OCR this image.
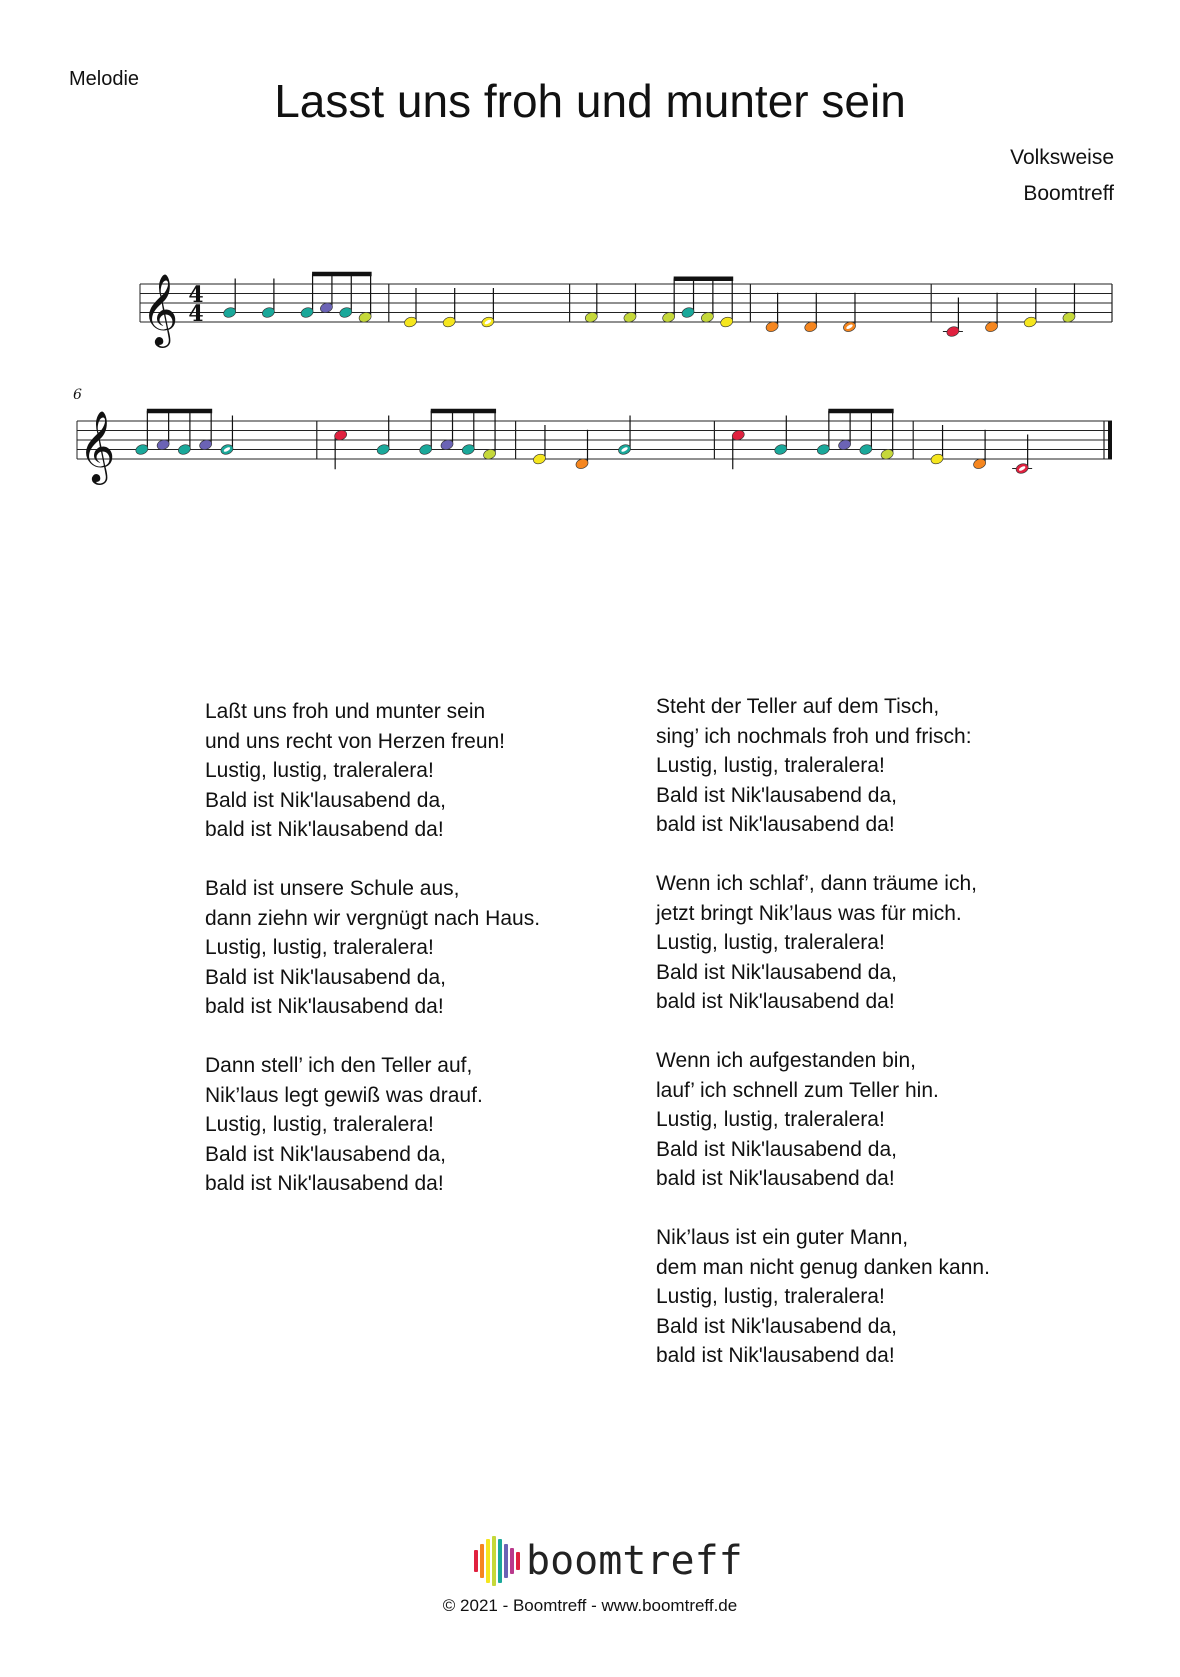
Melodie	Lasst uns froh und munter sein
Volksweise
Boomtreff
𝄞 4
4
𝄞
6
Laßt uns froh und munter sein
und uns recht von Herzen freun!
Lustig, lustig, traleralera!
Bald ist Nik'lausabend da,
bald ist Nik'lausabend da!
Bald ist unsere Schule aus,
dann ziehn wir vergnügt nach Haus.
Lustig, lustig, traleralera!
Bald ist Nik'lausabend da,
bald ist Nik'lausabend da!
Dann stell’ ich den Teller auf,
Nik’laus legt gewiß was drauf.
Lustig, lustig, traleralera!
Bald ist Nik'lausabend da,
bald ist Nik'lausabend da!
Steht der Teller auf dem Tisch,
sing’ ich nochmals froh und frisch:
Lustig, lustig, traleralera!
Bald ist Nik'lausabend da,
bald ist Nik'lausabend da!
Wenn ich schlaf’, dann träume ich,
jetzt bringt Nik’laus was für mich.
Lustig, lustig, traleralera!
Bald ist Nik'lausabend da,
bald ist Nik'lausabend da!
Wenn ich aufgestanden bin,
lauf’ ich schnell zum Teller hin.
Lustig, lustig, traleralera!
Bald ist Nik'lausabend da,
bald ist Nik'lausabend da!
Nik’laus ist ein guter Mann,
dem man nicht genug danken kann.
Lustig, lustig, traleralera!
Bald ist Nik'lausabend da,
bald ist Nik'lausabend da!
boomtreff
© 2021 - Boomtreff - www.boomtreff.de
